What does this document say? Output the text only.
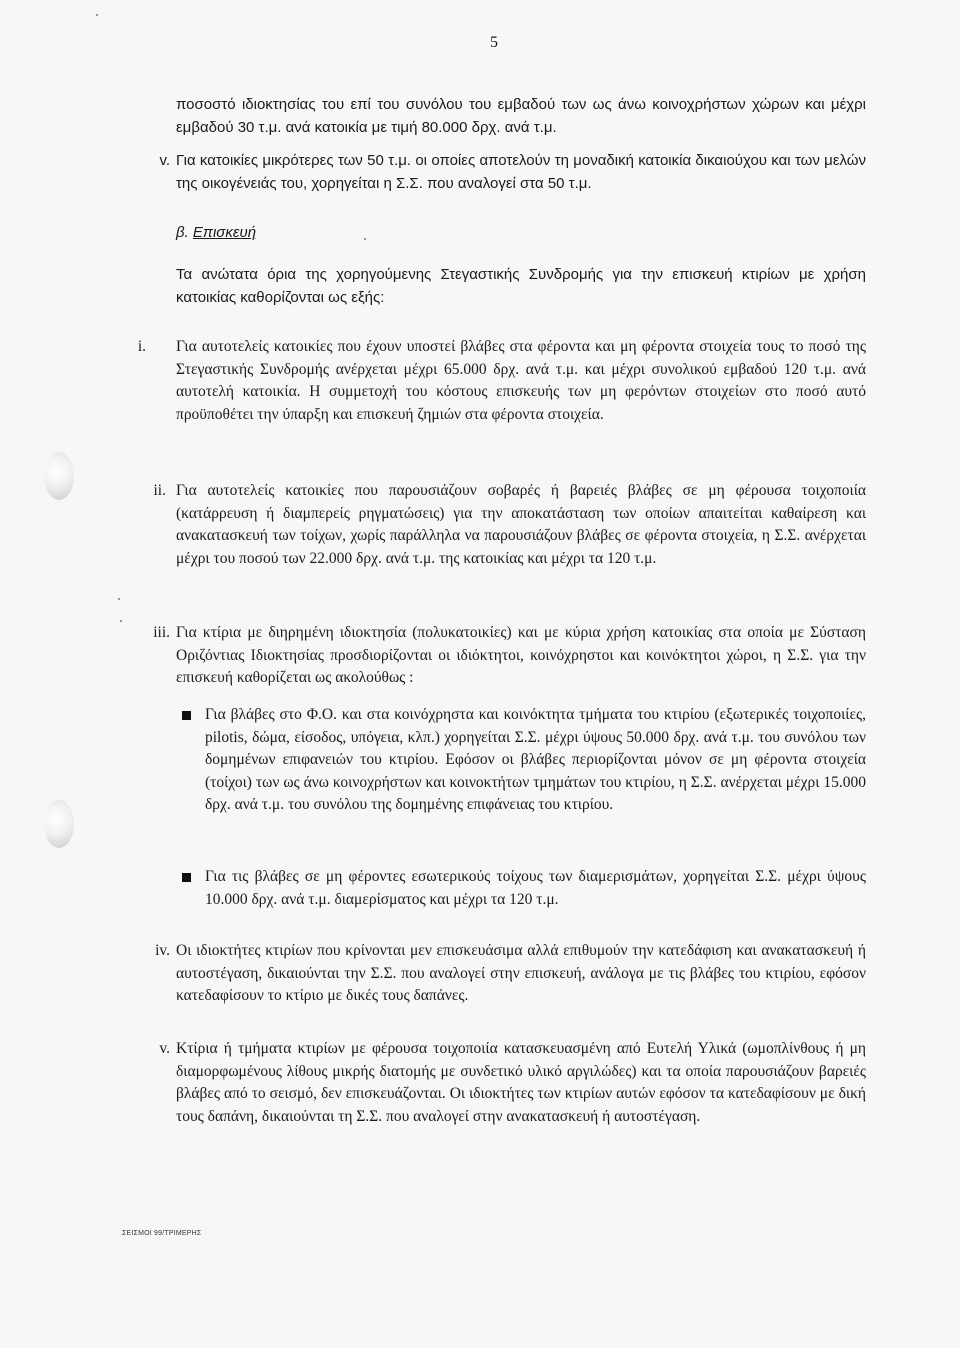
5
ποσοστό ιδιοκτησίας του επί του συνόλου του εμβαδού των ως άνω κοινοχρήστων χώρων και μέχρι εμβαδού 30 τ.μ. ανά κατοικία με τιμή 80.000 δρχ. ανά τ.μ.
v. Για κατοικίες μικρότερες των 50 τ.μ. οι οποίες αποτελούν τη μοναδική κατοικία δικαιούχου και των μελών της οικογένειάς του, χορηγείται η Σ.Σ. που αναλογεί στα 50 τ.μ.
β. Επισκευή
Τα ανώτατα όρια της χορηγούμενης Στεγαστικής Συνδρομής για την επισκευή κτιρίων με χρήση κατοικίας καθορίζονται ως εξής:
i. Για αυτοτελείς κατοικίες που έχουν υποστεί βλάβες στα φέροντα και μη φέροντα στοιχεία τους το ποσό της Στεγαστικής Συνδρομής ανέρχεται μέχρι 65.000 δρχ. ανά τ.μ. και μέχρι συνολικού εμβαδού 120 τ.μ. ανά αυτοτελή κατοικία. Η συμμετοχή του κόστους επισκευής των μη φερόντων στοιχείων στο ποσό αυτό προϋποθέτει την ύπαρξη και επισκευή ζημιών στα φέροντα στοιχεία.
ii. Για αυτοτελείς κατοικίες που παρουσιάζουν σοβαρές ή βαρειές βλάβες σε μη φέρουσα τοιχοποιία (κατάρρευση ή διαμπερείς ρηγματώσεις) για την αποκατάσταση των οποίων απαιτείται καθαίρεση και ανακατασκευή των τοίχων, χωρίς παράλληλα να παρουσιάζουν βλάβες σε φέροντα στοιχεία, η Σ.Σ. ανέρχεται μέχρι του ποσού των 22.000 δρχ. ανά τ.μ. της κατοικίας και μέχρι τα 120 τ.μ.
iii. Για κτίρια με διηρημένη ιδιοκτησία (πολυκατοικίες) και με κύρια χρήση κατοικίας στα οποία με Σύσταση Οριζόντιας Ιδιοκτησίας προσδιορίζονται οι ιδιόκτητοι, κοινόχρηστοι και κοινόκτητοι χώροι, η Σ.Σ. για την επισκευή καθορίζεται ως ακολούθως :
Για βλάβες στο Φ.Ο. και στα κοινόχρηστα και κοινόκτητα τμήματα του κτιρίου (εξωτερικές τοιχοποιίες, pilotis, δώμα, είσοδος, υπόγεια, κλπ.) χορηγείται Σ.Σ. μέχρι ύψους 50.000 δρχ. ανά τ.μ. του συνόλου των δομημένων επιφανειών του κτιρίου. Εφόσον οι βλάβες περιορίζονται μόνον σε μη φέροντα στοιχεία (τοίχοι) των ως άνω κοινοχρήστων και κοινοκτήτων τμημάτων του κτιρίου, η Σ.Σ. ανέρχεται μέχρι 15.000 δρχ. ανά τ.μ. του συνόλου της δομημένης επιφάνειας του κτιρίου.
Για τις βλάβες σε μη φέροντες εσωτερικούς τοίχους των διαμερισμάτων, χορηγείται Σ.Σ. μέχρι ύψους 10.000 δρχ. ανά τ.μ. διαμερίσματος και μέχρι τα 120 τ.μ.
iv. Οι ιδιοκτήτες κτιρίων που κρίνονται μεν επισκευάσιμα αλλά επιθυμούν την κατεδάφιση και ανακατασκευή ή αυτοστέγαση, δικαιούνται την Σ.Σ. που αναλογεί στην επισκευή, ανάλογα με τις βλάβες του κτιρίου, εφόσον κατεδαφίσουν το κτίριο με δικές τους δαπάνες.
v. Κτίρια ή τμήματα κτιρίων με φέρουσα τοιχοποιία κατασκευασμένη από Ευτελή Υλικά (ωμοπλίνθους ή μη διαμορφωμένους λίθους μικρής διατομής με συνδετικό υλικό αργιλώδες) και τα οποία παρουσιάζουν βαρειές βλάβες από το σεισμό, δεν επισκευάζονται. Οι ιδιοκτήτες των κτιρίων αυτών εφόσον τα κατεδαφίσουν με δική τους δαπάνη, δικαιούνται τη Σ.Σ. που αναλογεί στην ανακατασκευή ή αυτοστέγαση.
ΣΕΙΣΜΟΙ 99/ΤΡΙΜΕΡΗΣ
